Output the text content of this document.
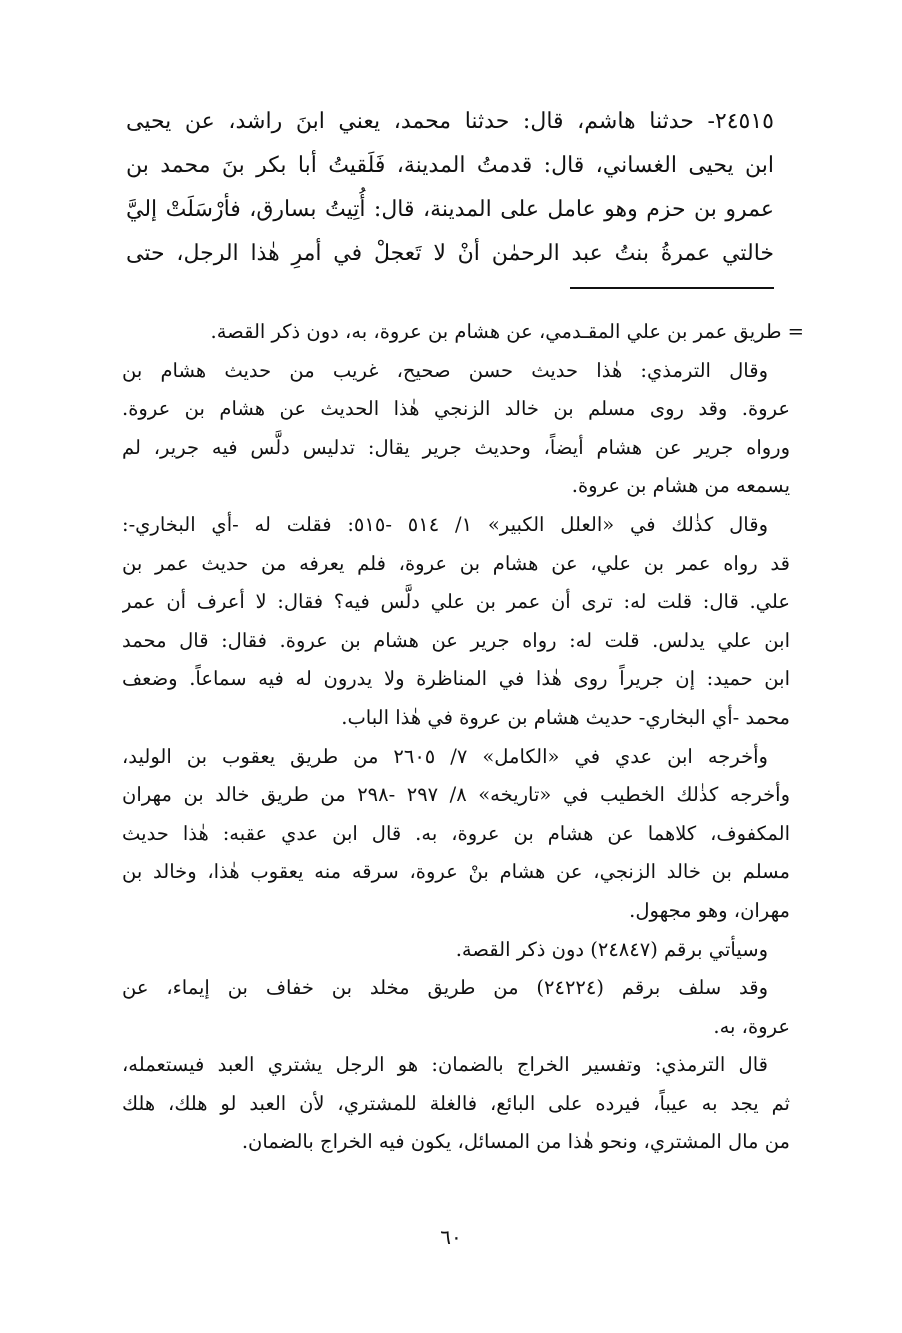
٢٤٥١٥- حدثنا هاشم، قال: حدثنا محمد، يعني ابنَ راشد، عن يحيى

ابن يحيى الغساني، قال: قدمتُ المدينة، فَلَقيتُ أبا بكر بنَ محمد بن

عمرو بن حزم وهو عامل على المدينة، قال: أُتِيتُ بسارق، فأرْسَلَتْ إليَّ

خالتي عمرةُ بنتُ عبد الرحمٰن أنْ لا تَعجلْ في أمرِ هٰذا الرجل، حتى

= طريق عمر بن علي المقـدمي، عن هشام بن عروة، به، دون ذكر القصة.

وقال الترمذي: هٰذا حديث حسن صحيح، غريب من حديث هشام بن
عروة. وقد روى مسلم بن خالد الزنجي هٰذا الحديث عن هشام بن عروة.
ورواه جرير عن هشام أيضاً، وحديث جرير يقال: تدليس دلَّس فيه جرير، لم
يسمعه من هشام بن عروة.

وقال كذٰلك في «العلل الكبير» ١/ ٥١٤ -٥١٥: فقلت له -أي البخاري-:
قد رواه عمر بن علي، عن هشام بن عروة، فلم يعرفه من حديث عمر بن
علي. قال: قلت له: ترى أن عمر بن علي دلَّس فيه؟ فقال: لا أعرف أن عمر
ابن علي يدلس. قلت له: رواه جرير عن هشام بن عروة. فقال: قال محمد
ابن حميد: إن جريراً روى هٰذا في المناظرة ولا يدرون له فيه سماعاً. وضعف
محمد -أي البخاري- حديث هشام بن عروة في هٰذا الباب.

وأخرجه ابن عدي في «الكامل» ٧/ ٢٦٠٥ من طريق يعقوب بن الوليد،
وأخرجه كذٰلك الخطيب في «تاريخه» ٨/ ٢٩٧ -٢٩٨ من طريق خالد بن مهران
المكفوف، كلاهما عن هشام بن عروة، به. قال ابن عدي عقبه: هٰذا حديث
مسلم بن خالد الزنجي، عن هشام بنْ عروة، سرقه منه يعقوب هٰذا، وخالد بن
مهران، وهو مجهول.

وسيأتي برقم (٢٤٨٤٧) دون ذكر القصة.

وقد سلف برقم (٢٤٢٢٤) من طريق مخلد بن خفاف بن إيماء، عن
عروة، به.

قال الترمذي: وتفسير الخراج بالضمان: هو الرجل يشتري العبد فيستعمله،
ثم يجد به عيباً، فيرده على البائع، فالغلة للمشتري، لأن العبد لو هلك، هلك
من مال المشتري، ونحو هٰذا من المسائل، يكون فيه الخراج بالضمان.

٦٠
